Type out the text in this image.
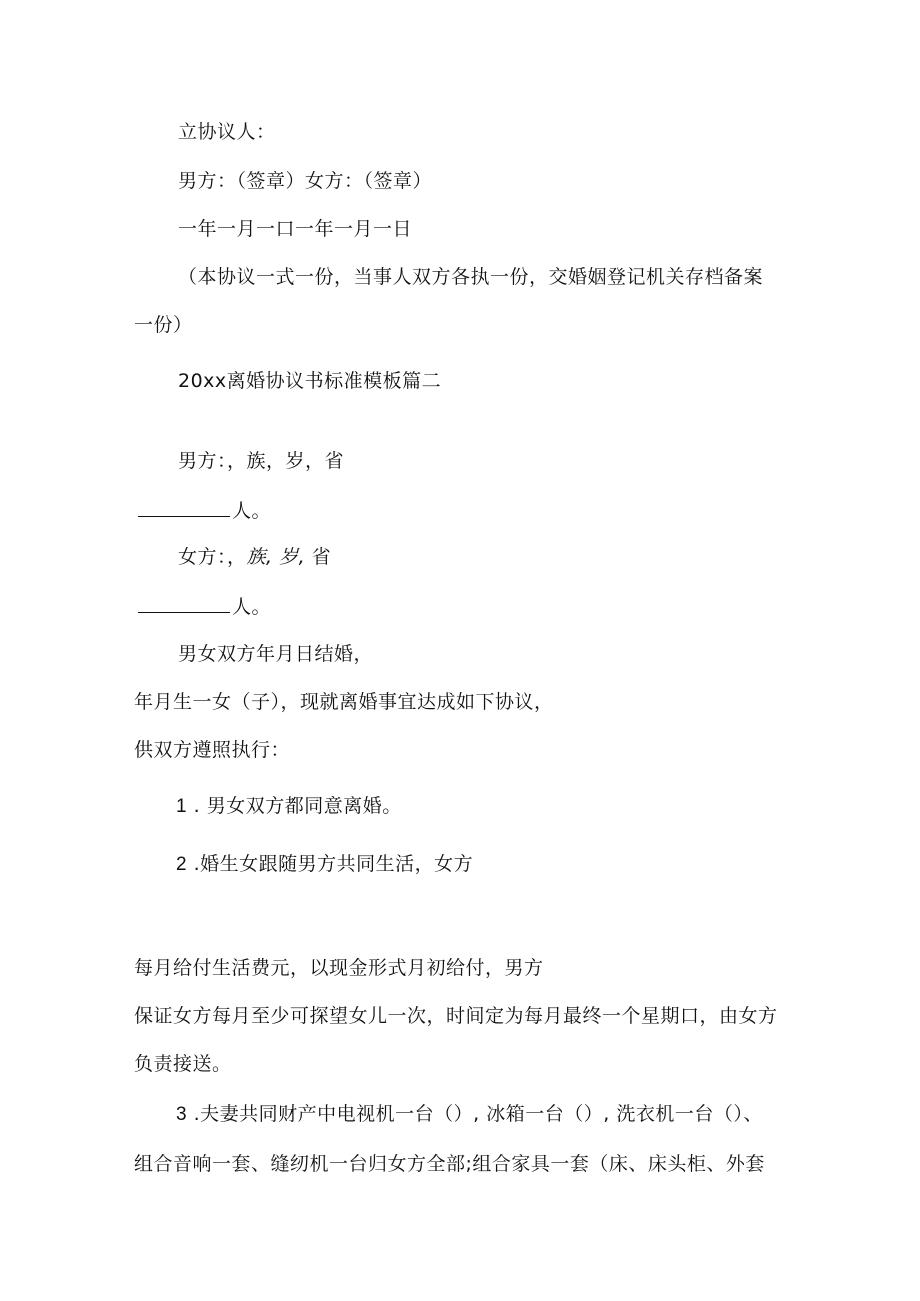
立协议人：
男方：（签章）女方：（签章）
一年一月一口一年一月一日
（本协议一式一份，当事人双方各执一份，交婚姻登记机关存档备案
一份）
20xx离婚协议书标准模板篇二
男方：，族，岁，省
人。
女方：，族, 岁, 省
人。
男女双方年月日结婚，
年月生一女（子），现就离婚事宜达成如下协议，
供双方遵照执行：
1 . 男女双方都同意离婚。
2 .婚生女跟随男方共同生活，女方
每月给付生活费元，以现金形式月初给付，男方
保证女方每月至少可探望女儿一次，时间定为每月最终一个星期口，由女方
负责接送。
3 .夫妻共同财产中电视机一台（）, 冰箱一台（）, 洗衣机一台（）、
组合音响一套、缝纫机一台归女方全部;组合家具一套（床、床头柜、外套
